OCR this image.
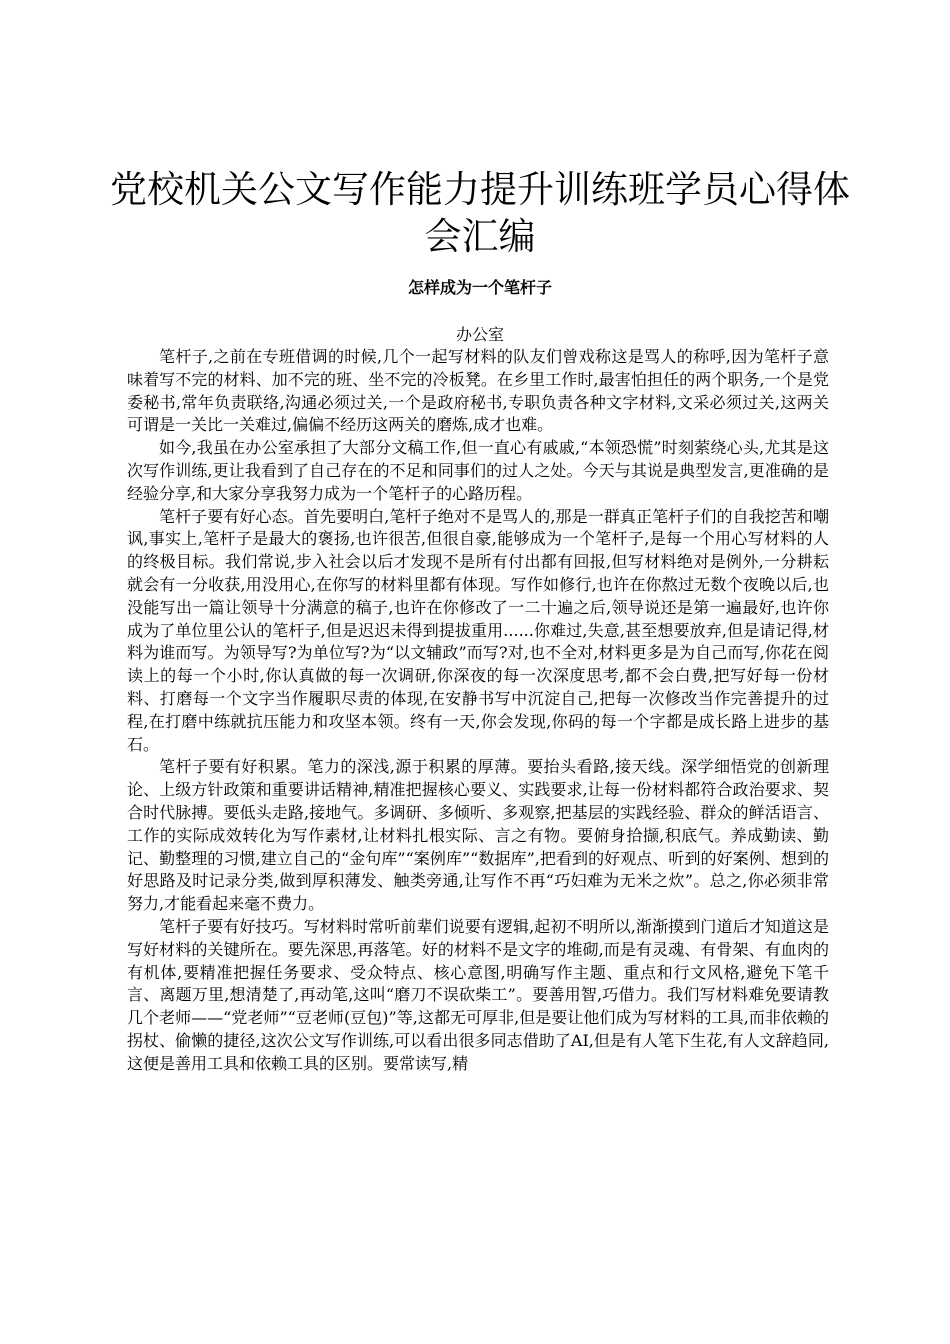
党校机关公文写作能力提升训练班学员心得体会汇编
怎样成为一个笔杆子
办公室

笔杆子,之前在专班借调的时候,几个一起写材料的队友们曾戏称这是骂人的称呼,因为笔杆子意味着写不完的材料、加不完的班、坐不完的冷板凳。在乡里工作时,最害怕担任的两个职务,一个是党委秘书,常年负责联络,沟通必须过关,一个是政府秘书,专职负责各种文字材料,文采必须过关,这两关可谓是一关比一关难过,偏偏不经历这两关的磨炼,成才也难。

如今,我虽在办公室承担了大部分文稿工作,但一直心有戚戚,“本领恐慌”时刻萦绕心头,尤其是这次写作训练,更让我看到了自己存在的不足和同事们的过人之处。今天与其说是典型发言,更准确的是经验分享,和大家分享我努力成为一个笔杆子的心路历程。

笔杆子要有好心态。首先要明白,笔杆子绝对不是骂人的,那是一群真正笔杆子们的自我挖苦和嘲讽,事实上,笔杆子是最大的褒扬,也许很苦,但很自豪,能够成为一个笔杆子,是每一个用心写材料的人的终极目标。我们常说,步入社会以后才发现不是所有付出都有回报,但写材料绝对是例外,一分耕耘就会有一分收获,用没用心,在你写的材料里都有体现。写作如修行,也许在你熬过无数个夜晚以后,也没能写出一篇让领导十分满意的稿子,也许在你修改了一二十遍之后,领导说还是第一遍最好,也许你成为了单位里公认的笔杆子,但是迟迟未得到提拔重用......你难过,失意,甚至想要放弃,但是请记得,材料为谁而写。为领导写?为单位写?为“以文辅政”而写?对,也不全对,材料更多是为自己而写,你花在阅读上的每一个小时,你认真做的每一次调研,你深夜的每一次深度思考,都不会白费,把写好每一份材料、打磨每一个文字当作履职尽责的体现,在安静书写中沉淀自己,把每一次修改当作完善提升的过程,在打磨中练就抗压能力和攻坚本领。终有一天,你会发现,你码的每一个字都是成长路上进步的基石。

笔杆子要有好积累。笔力的深浅,源于积累的厚薄。要抬头看路,接天线。深学细悟党的创新理论、上级方针政策和重要讲话精神,精准把握核心要义、实践要求,让每一份材料都符合政治要求、契合时代脉搏。要低头走路,接地气。多调研、多倾听、多观察,把基层的实践经验、群众的鲜活语言、工作的实际成效转化为写作素材,让材料扎根实际、言之有物。要俯身拾撷,积底气。养成勤读、勤记、勤整理的习惯,建立自己的“金句库”“案例库”“数据库”,把看到的好观点、听到的好案例、想到的好思路及时记录分类,做到厚积薄发、触类旁通,让写作不再“巧妇难为无米之炊”。总之,你必须非常努力,才能看起来毫不费力。

笔杆子要有好技巧。写材料时常听前辈们说要有逻辑,起初不明所以,渐渐摸到门道后才知道这是写好材料的关键所在。要先深思,再落笔。好的材料不是文字的堆砌,而是有灵魂、有骨架、有血肉的有机体,要精准把握任务要求、受众特点、核心意图,明确写作主题、重点和行文风格,避免下笔千言、离题万里,想清楚了,再动笔,这叫“磨刀不误砍柴工”。要善用智,巧借力。我们写材料难免要请教几个老师——“党老师”“豆老师(豆包)”等,这都无可厚非,但是要让他们成为写材料的工具,而非依赖的拐杖、偷懒的捷径,这次公文写作训练,可以看出很多同志借助了AI,但是有人笔下生花,有人文辞趋同,这便是善用工具和依赖工具的区别。要常读写,精
